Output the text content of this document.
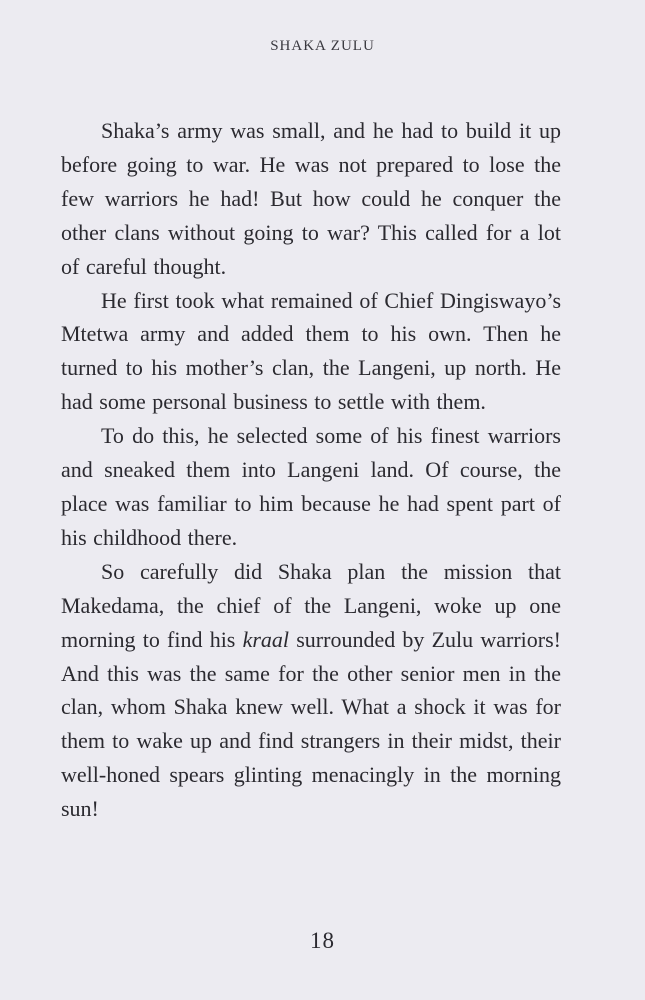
SHAKA ZULU

Shaka’s army was small, and he had to build it up before going to war. He was not prepared to lose the few warriors he had! But how could he conquer the other clans without going to war? This called for a lot of careful thought.

He first took what remained of Chief Dingiswayo’s Mtetwa army and added them to his own. Then he turned to his mother’s clan, the Langeni, up north. He had some personal business to settle with them.

To do this, he selected some of his finest warriors and sneaked them into Langeni land. Of course, the place was familiar to him because he had spent part of his childhood there.

So carefully did Shaka plan the mission that Makedama, the chief of the Langeni, woke up one morning to find his kraal surrounded by Zulu warriors! And this was the same for the other senior men in the clan, whom Shaka knew well. What a shock it was for them to wake up and find strangers in their midst, their well-honed spears glinting menacingly in the morning sun!

18
